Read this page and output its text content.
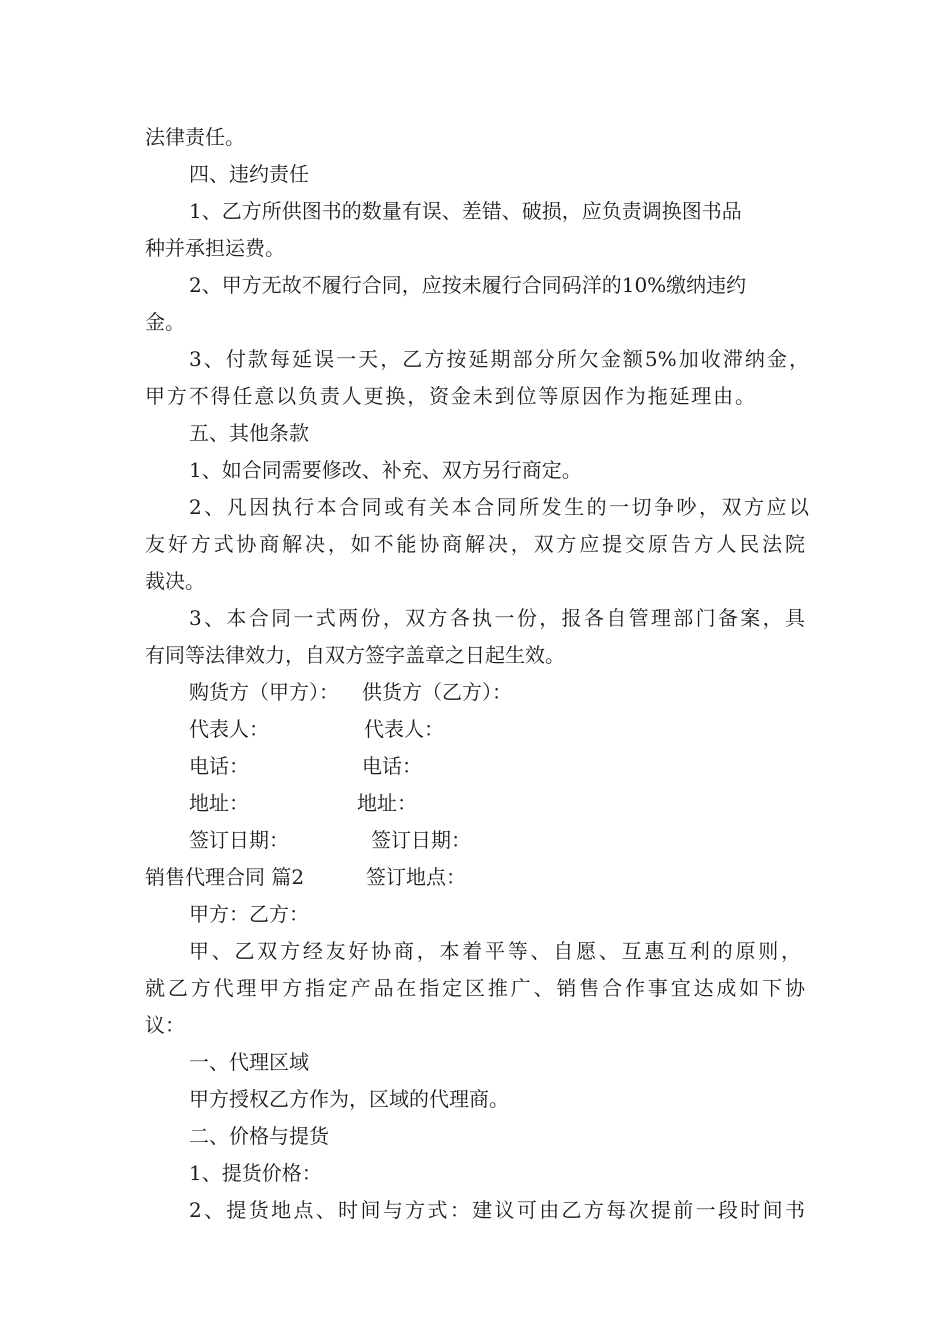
法律责任。
四、违约责任
1、乙方所供图书的数量有误、差错、破损，应负责调换图书品
种并承担运费。
2、甲方无故不履行合同，应按未履行合同码洋的10%缴纳违约
金。
3、付款每延误一天，乙方按延期部分所欠金额5%加收滞纳金，
甲方不得任意以负责人更换，资金未到位等原因作为拖延理由。
五、其他条款
1、如合同需要修改、补充、双方另行商定。
2、凡因执行本合同或有关本合同所发生的一切争吵，双方应以
友好方式协商解决，如不能协商解决，双方应提交原告方人民法院
裁决。
3、本合同一式两份，双方各执一份，报各自管理部门备案，具
有同等法律效力，自双方签字盖章之日起生效。
购货方（甲方）： 供货方（乙方）：
代表人：	代表人：
电话：	电话：
地址：	地址：
签订日期：	签订日期：
销售代理合同 篇2	签订地点：
甲方：乙方：
甲、乙双方经友好协商，本着平等、自愿、互惠互利的原则，
就乙方代理甲方指定产品在指定区推广、销售合作事宜达成如下协
议：
一、代理区域
甲方授权乙方作为，区域的代理商。
二、价格与提货
1、提货价格：
2、提货地点、时间与方式：建议可由乙方每次提前一段时间书
